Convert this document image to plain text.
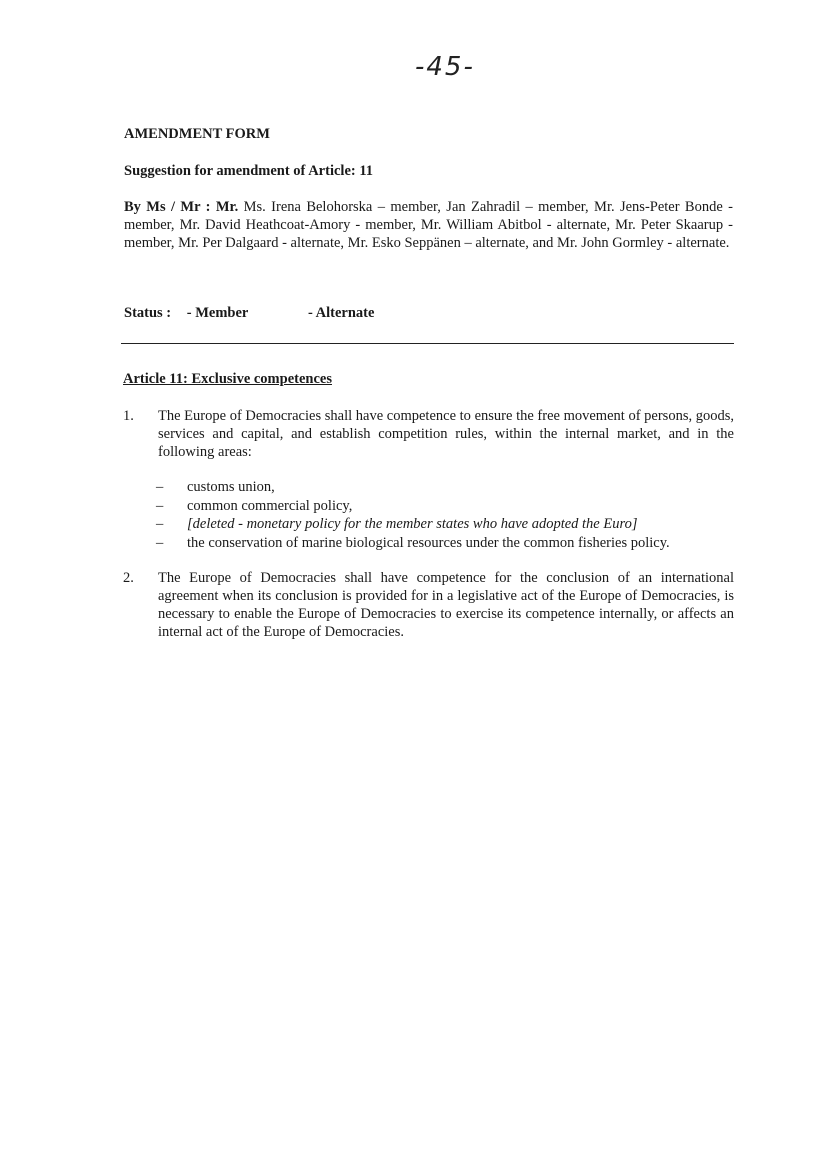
-45-
AMENDMENT FORM
Suggestion for amendment of Article: 11
By Ms / Mr : Mr. Ms. Irena Belohorska – member, Jan Zahradil – member, Mr. Jens-Peter Bonde - member, Mr. David Heathcoat-Amory - member, Mr. William Abitbol - alternate, Mr. Peter Skaarup - member, Mr. Per Dalgaard - alternate, Mr. Esko Seppänen – alternate, and Mr. John Gormley - alternate.
Status : - Member	- Alternate
Article 11: Exclusive competences
1. The Europe of Democracies shall have competence to ensure the free movement of persons, goods, services and capital, and establish competition rules, within the internal market, and in the following areas:
– customs union,
– common commercial policy,
– [deleted - monetary policy for the member states who have adopted the Euro]
– the conservation of marine biological resources under the common fisheries policy.
2. The Europe of Democracies shall have competence for the conclusion of an international agreement when its conclusion is provided for in a legislative act of the Europe of Democracies, is necessary to enable the Europe of Democracies to exercise its competence internally, or affects an internal act of the Europe of Democracies.
